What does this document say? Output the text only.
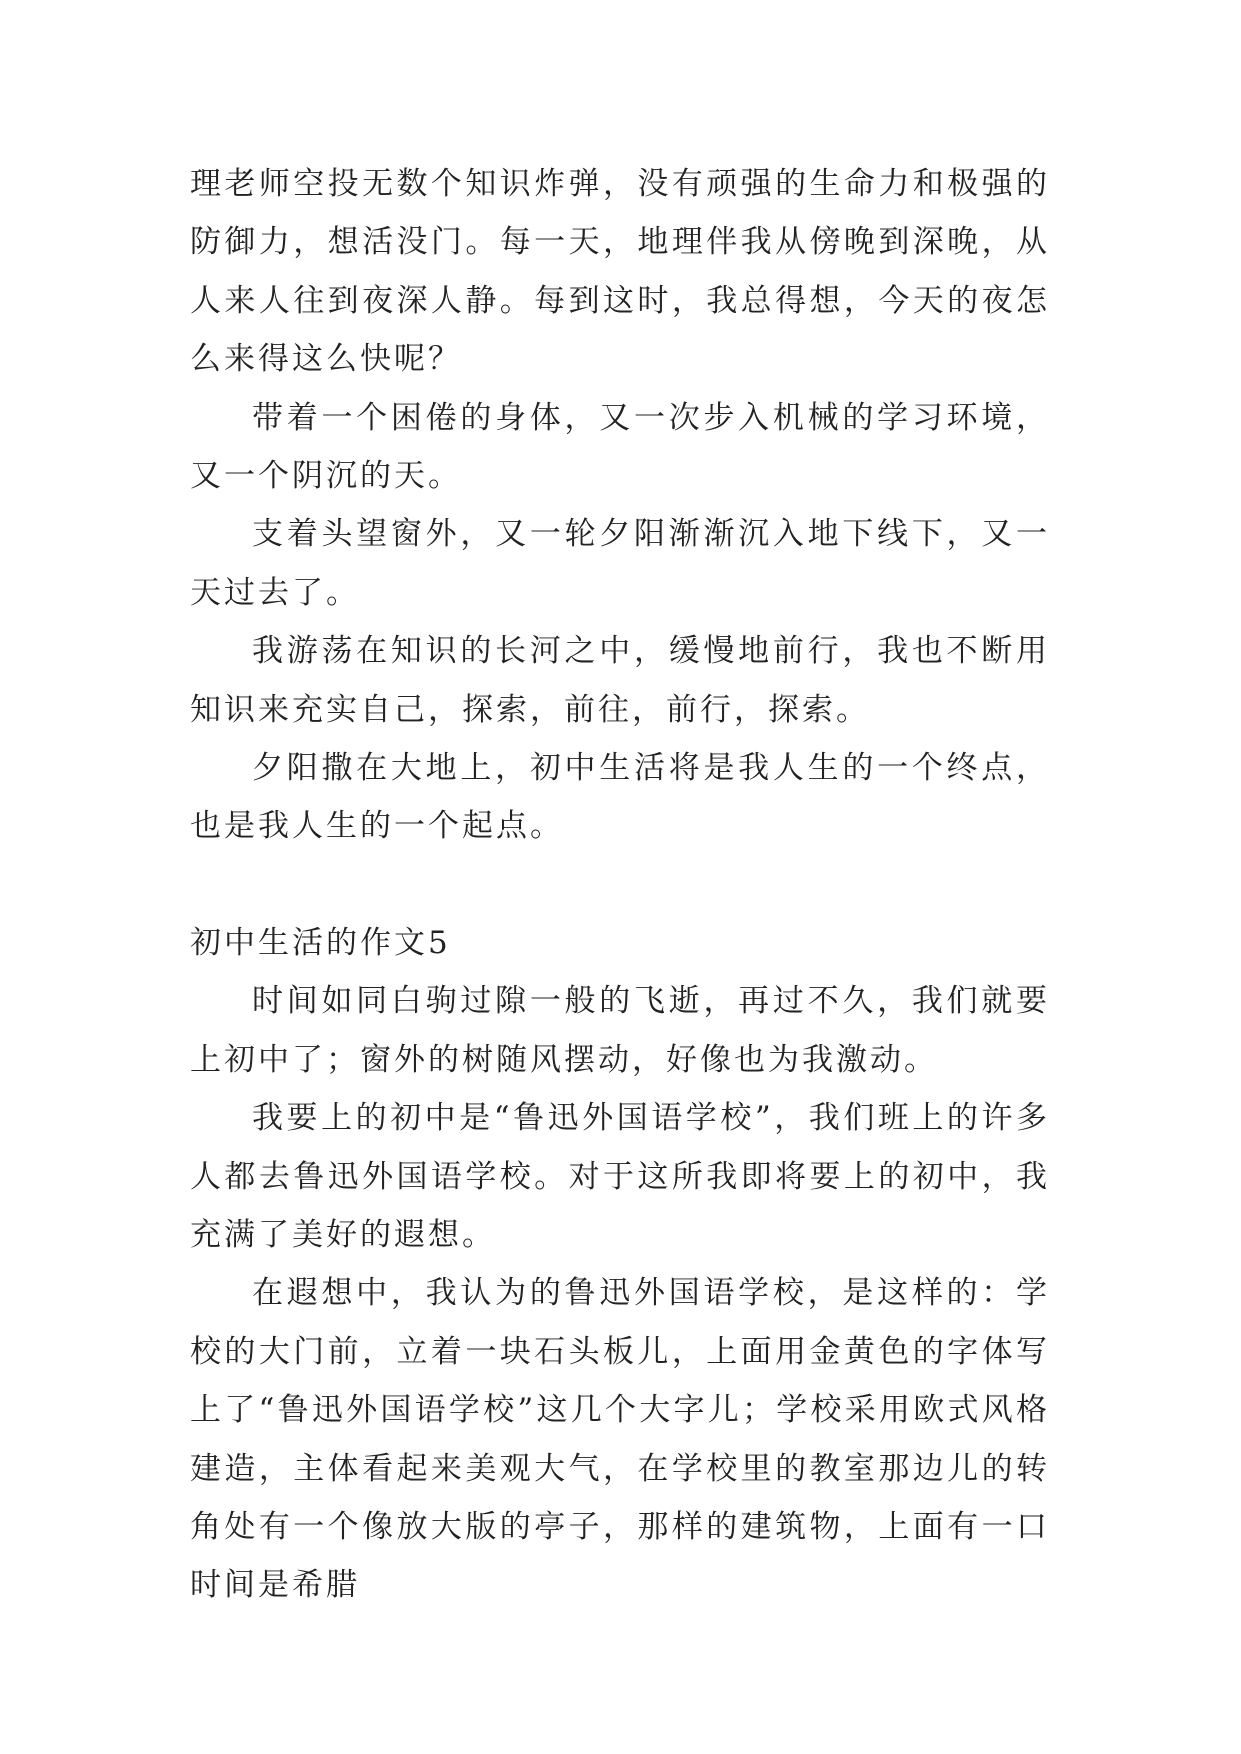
理老师空投无数个知识炸弹，没有顽强的生命力和极强的防御力，想活没门。每一天，地理伴我从傍晚到深晚，从人来人往到夜深人静。每到这时，我总得想，今天的夜怎么来得这么快呢？

带着一个困倦的身体，又一次步入机械的学习环境，又一个阴沉的天。

支着头望窗外，又一轮夕阳渐渐沉入地下线下，又一天过去了。

我游荡在知识的长河之中，缓慢地前行，我也不断用知识来充实自己，探索，前往，前行，探索。

夕阳撒在大地上，初中生活将是我人生的一个终点，也是我人生的一个起点。

初中生活的作文5

时间如同白驹过隙一般的飞逝，再过不久，我们就要上初中了；窗外的树随风摆动，好像也为我激动。

我要上的初中是“鲁迅外国语学校”，我们班上的许多人都去鲁迅外国语学校。对于这所我即将要上的初中，我充满了美好的遐想。

在遐想中，我认为的鲁迅外国语学校，是这样的：学校的大门前，立着一块石头板儿，上面用金黄色的字体写上了“鲁迅外国语学校”这几个大字儿；学校采用欧式风格建造，主体看起来美观大气，在学校里的教室那边儿的转角处有一个像放大版的亭子，那样的建筑物，上面有一口时间是希腊
